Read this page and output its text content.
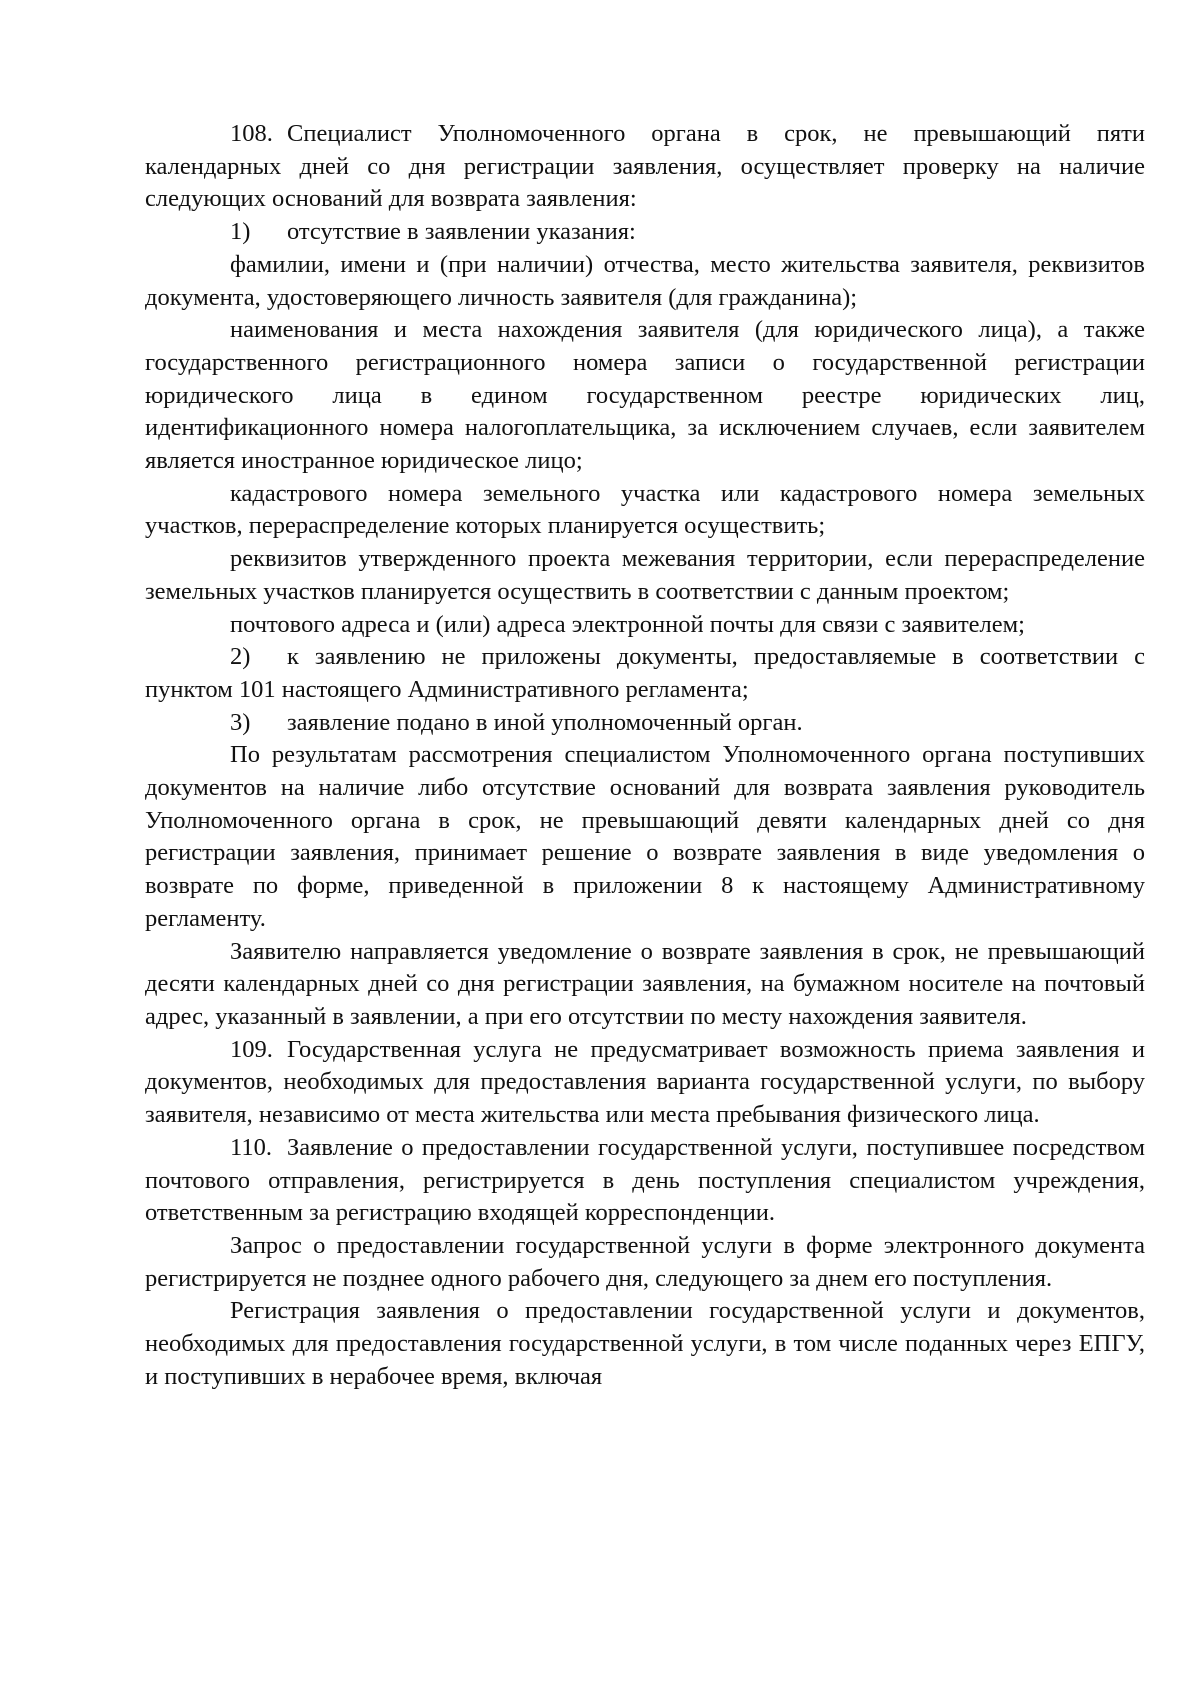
108. Специалист Уполномоченного органа в срок, не превышающий пяти календарных дней со дня регистрации заявления, осуществляет проверку на наличие следующих оснований для возврата заявления:

1) отсутствие в заявлении указания:

фамилии, имени и (при наличии) отчества, место жительства заявителя, реквизитов документа, удостоверяющего личность заявителя (для гражданина);

наименования и места нахождения заявителя (для юридического лица), а также государственного регистрационного номера записи о государственной регистрации юридического лица в едином государственном реестре юридических лиц, идентификационного номера налогоплательщика, за исключением случаев, если заявителем является иностранное юридическое лицо;

кадастрового номера земельного участка или кадастрового номера земельных участков, перераспределение которых планируется осуществить;

реквизитов утвержденного проекта межевания территории, если перераспределение земельных участков планируется осуществить в соответствии с данным проектом;

почтового адреса и (или) адреса электронной почты для связи с заявителем;

2) к заявлению не приложены документы, предоставляемые в соответствии с пунктом 101 настоящего Административного регламента;

3) заявление подано в иной уполномоченный орган.

По результатам рассмотрения специалистом Уполномоченного органа поступивших документов на наличие либо отсутствие оснований для возврата заявления руководитель Уполномоченного органа в срок, не превышающий девяти календарных дней со дня регистрации заявления, принимает решение о возврате заявления в виде уведомления о возврате по форме, приведенной в приложении 8 к настоящему Административному регламенту.

Заявителю направляется уведомление о возврате заявления в срок, не превышающий десяти календарных дней со дня регистрации заявления, на бумажном носителе на почтовый адрес, указанный в заявлении, а при его отсутствии по месту нахождения заявителя.

109. Государственная услуга не предусматривает возможность приема заявления и документов, необходимых для предоставления варианта государственной услуги, по выбору заявителя, независимо от места жительства или места пребывания физического лица.

110. Заявление о предоставлении государственной услуги, поступившее посредством почтового отправления, регистрируется в день поступления специалистом учреждения, ответственным за регистрацию входящей корреспонденции.

Запрос о предоставлении государственной услуги в форме электронного документа регистрируется не позднее одного рабочего дня, следующего за днем его поступления.

Регистрация заявления о предоставлении государственной услуги и документов, необходимых для предоставления государственной услуги, в том числе поданных через ЕПГУ, и поступивших в нерабочее время, включая
